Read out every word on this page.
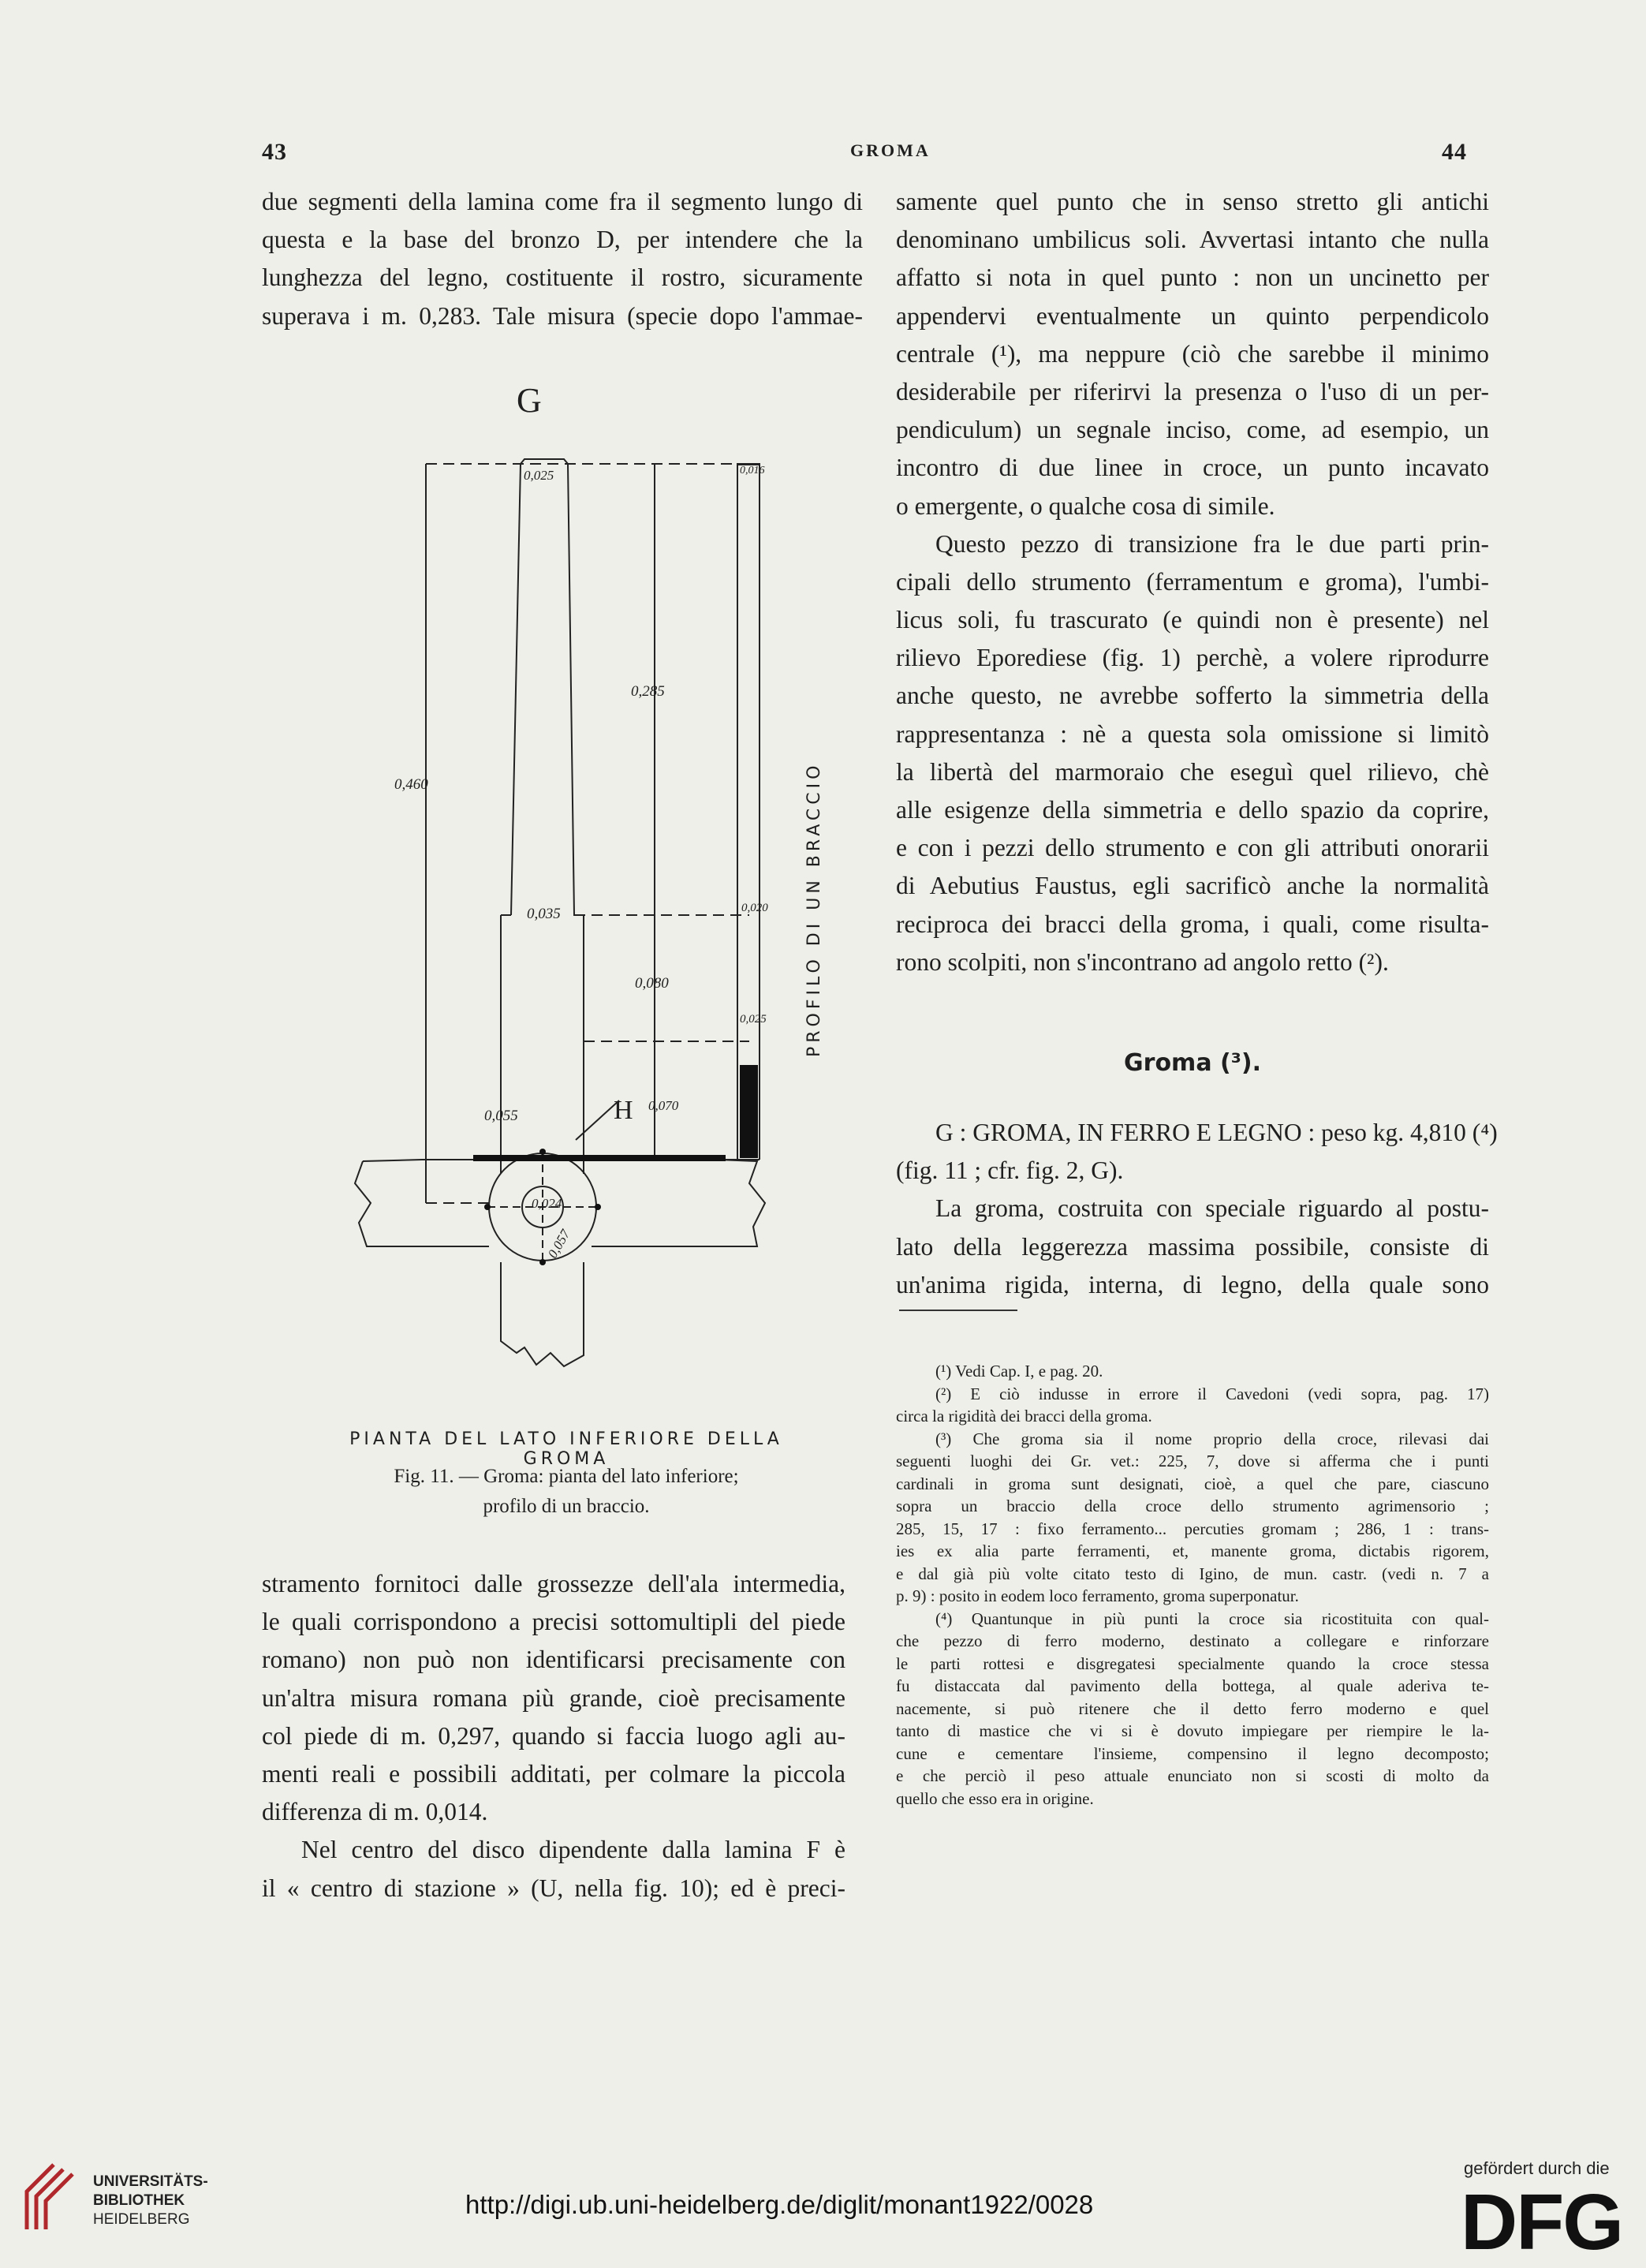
43	GROMA	44
due segmenti della lamina come fra il segmento lungo di
questa e la base del bronzo D, per intendere che la
lunghezza del legno, costituente il rostro, sicuramente
superava i m. 0,283. Tale misura (specie dopo l'ammae-
G
0,025	0,016
0,285
0,460
0,035	0,020
0,080
0,025
0,055	H 0,070
0,024
0,057
PROFILO DI UN BRACCIO
PIANTA DEL LATO INFERIORE DELLA GROMA
Fig. 11. — Groma: pianta del lato inferiore;
profilo di un braccio.
stramento fornitoci dalle grossezze dell'ala intermedia,
le quali corrispondono a precisi sottomultipli del piede
romano) non può non identificarsi precisamente con
un'altra misura romana più grande, cioè precisamente
col piede di m. 0,297, quando si faccia luogo agli au-
menti reali e possibili additati, per colmare la piccola
differenza di m. 0,014.
Nel centro del disco dipendente dalla lamina F è
il « centro di stazione » (U, nella fig. 10); ed è preci-
samente quel punto che in senso stretto gli antichi
denominano umbilicus soli. Avvertasi intanto che nulla
affatto si nota in quel punto : non un uncinetto per
appendervi eventualmente un quinto perpendicolo
centrale (¹), ma neppure (ciò che sarebbe il minimo
desiderabile per riferirvi la presenza o l'uso di un per-
pendiculum) un segnale inciso, come, ad esempio, un
incontro di due linee in croce, un punto incavato
o emergente, o qualche cosa di simile.
Questo pezzo di transizione fra le due parti prin-
cipali dello strumento (ferramentum e groma), l'umbi-
licus soli, fu trascurato (e quindi non è presente) nel
rilievo Eporediese (fig. 1) perchè, a volere riprodurre
anche questo, ne avrebbe sofferto la simmetria della
rappresentanza : nè a questa sola omissione si limitò
la libertà del marmoraio che eseguì quel rilievo, chè
alle esigenze della simmetria e dello spazio da coprire,
e con i pezzi dello strumento e con gli attributi onorarii
di Aebutius Faustus, egli sacrificò anche la normalità
reciproca dei bracci della groma, i quali, come risulta-
rono scolpiti, non s'incontrano ad angolo retto (²).
Groma (³).
G : GROMA, IN FERRO E LEGNO : peso kg. 4,810 (⁴)
(fig. 11 ; cfr. fig. 2, G).
La groma, costruita con speciale riguardo al postu-
lato della leggerezza massima possibile, consiste di
un'anima rigida, interna, di legno, della quale sono
(¹) Vedi Cap. I, e pag. 20.
(²) E ciò indusse in errore il Cavedoni (vedi sopra, pag. 17)
circa la rigidità dei bracci della groma.
(³) Che groma sia il nome proprio della croce, rilevasi dai
seguenti luoghi dei Gr. vet.: 225, 7, dove si afferma che i punti
cardinali in groma sunt designati, cioè, a quel che pare, ciascuno
sopra un braccio della croce dello strumento agrimensorio ;
285, 15, 17 : fixo ferramento... percuties gromam ; 286, 1 : trans-
ies ex alia parte ferramenti, et, manente groma, dictabis rigorem,
e dal già più volte citato testo di Igino, de mun. castr. (vedi n. 7 a
p. 9) : posito in eodem loco ferramento, groma superponatur.
(⁴) Quantunque in più punti la croce sia ricostituita con qual-
che pezzo di ferro moderno, destinato a collegare e rinforzare
le parti rottesi e disgregatesi specialmente quando la croce stessa
fu distaccata dal pavimento della bottega, al quale aderiva te-
nacemente, si può ritenere che il detto ferro moderno e quel
tanto di mastice che vi si è dovuto impiegare per riempire le la-
cune e cementare l'insieme, compensino il legno decomposto;
e che perciò il peso attuale enunciato non si scosti di molto da
quello che esso era in origine.
UNIVERSITÄTS-
BIBLIOTHEK
HEIDELBERG
http://digi.ub.uni-heidelberg.de/diglit/monant1922/0028
gefördert durch die
DFG
